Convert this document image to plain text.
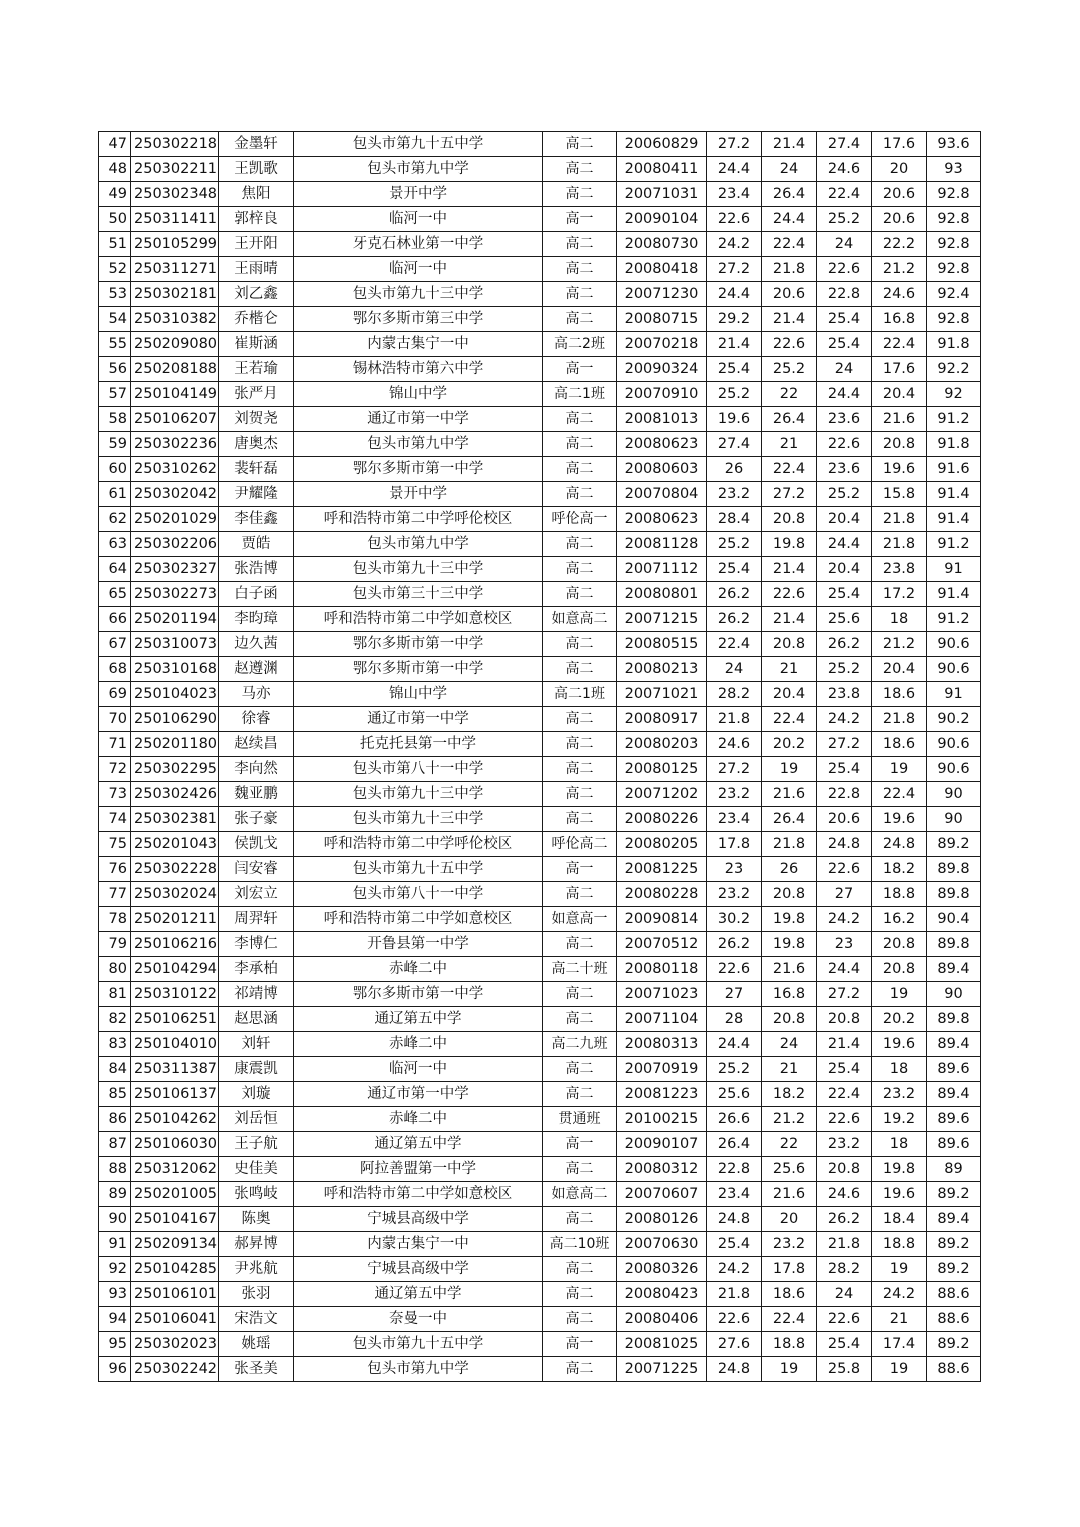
47	250302218	金墨轩	包头市第九十五中学	高二	20060829	27.2	21.4	27.4	17.6	93.6
48	250302211	王凯歌	包头市第九中学	高二	20080411	24.4	24	24.6	20	93
49	250302348	焦阳	景开中学	高二	20071031	23.4	26.4	22.4	20.6	92.8
50	250311411	郭梓良	临河一中	高一	20090104	22.6	24.4	25.2	20.6	92.8
51	250105299	王开阳	牙克石林业第一中学	高二	20080730	24.2	22.4	24	22.2	92.8
52	250311271	王雨晴	临河一中	高二	20080418	27.2	21.8	22.6	21.2	92.8
53	250302181	刘乙鑫	包头市第九十三中学	高二	20071230	24.4	20.6	22.8	24.6	92.4
54	250310382	乔楷仑	鄂尔多斯市第三中学	高二	20080715	29.2	21.4	25.4	16.8	92.8
55	250209080	崔斯涵	内蒙古集宁一中	高二2班	20070218	21.4	22.6	25.4	22.4	91.8
56	250208188	王若瑜	锡林浩特市第六中学	高一	20090324	25.4	25.2	24	17.6	92.2
57	250104149	张严月	锦山中学	高二1班	20070910	25.2	22	24.4	20.4	92
58	250106207	刘贺尧	通辽市第一中学	高二	20081013	19.6	26.4	23.6	21.6	91.2
59	250302236	唐奥杰	包头市第九中学	高二	20080623	27.4	21	22.6	20.8	91.8
60	250310262	裴轩磊	鄂尔多斯市第一中学	高二	20080603	26	22.4	23.6	19.6	91.6
61	250302042	尹耀隆	景开中学	高二	20070804	23.2	27.2	25.2	15.8	91.4
62	250201029	李佳鑫	呼和浩特市第二中学呼伦校区	呼伦高一	20080623	28.4	20.8	20.4	21.8	91.4
63	250302206	贾皓	包头市第九中学	高二	20081128	25.2	19.8	24.4	21.8	91.2
64	250302327	张浩博	包头市第九十三中学	高二	20071112	25.4	21.4	20.4	23.8	91
65	250302273	白子函	包头市第三十三中学	高二	20080801	26.2	22.6	25.4	17.2	91.4
66	250201194	李昀璋	呼和浩特市第二中学如意校区	如意高二	20071215	26.2	21.4	25.6	18	91.2
67	250310073	边久茜	鄂尔多斯市第一中学	高二	20080515	22.4	20.8	26.2	21.2	90.6
68	250310168	赵遵渊	鄂尔多斯市第一中学	高二	20080213	24	21	25.2	20.4	90.6
69	250104023	马亦	锦山中学	高二1班	20071021	28.2	20.4	23.8	18.6	91
70	250106290	徐睿	通辽市第一中学	高二	20080917	21.8	22.4	24.2	21.8	90.2
71	250201180	赵续昌	托克托县第一中学	高二	20080203	24.6	20.2	27.2	18.6	90.6
72	250302295	李向然	包头市第八十一中学	高二	20080125	27.2	19	25.4	19	90.6
73	250302426	魏亚鹏	包头市第九十三中学	高二	20071202	23.2	21.6	22.8	22.4	90
74	250302381	张子豪	包头市第九十三中学	高二	20080226	23.4	26.4	20.6	19.6	90
75	250201043	侯凯戈	呼和浩特市第二中学呼伦校区	呼伦高二	20080205	17.8	21.8	24.8	24.8	89.2
76	250302228	闫安睿	包头市第九十五中学	高一	20081225	23	26	22.6	18.2	89.8
77	250302024	刘宏立	包头市第八十一中学	高二	20080228	23.2	20.8	27	18.8	89.8
78	250201211	周羿轩	呼和浩特市第二中学如意校区	如意高一	20090814	30.2	19.8	24.2	16.2	90.4
79	250106216	李博仁	开鲁县第一中学	高二	20070512	26.2	19.8	23	20.8	89.8
80	250104294	李承柏	赤峰二中	高二十班	20080118	22.6	21.6	24.4	20.8	89.4
81	250310122	祁靖博	鄂尔多斯市第一中学	高二	20071023	27	16.8	27.2	19	90
82	250106251	赵思涵	通辽第五中学	高二	20071104	28	20.8	20.8	20.2	89.8
83	250104010	刘轩	赤峰二中	高二九班	20080313	24.4	24	21.4	19.6	89.4
84	250311387	康震凯	临河一中	高二	20070919	25.2	21	25.4	18	89.6
85	250106137	刘璇	通辽市第一中学	高二	20081223	25.6	18.2	22.4	23.2	89.4
86	250104262	刘岳恒	赤峰二中	贯通班	20100215	26.6	21.2	22.6	19.2	89.6
87	250106030	王子航	通辽第五中学	高一	20090107	26.4	22	23.2	18	89.6
88	250312062	史佳美	阿拉善盟第一中学	高二	20080312	22.8	25.6	20.8	19.8	89
89	250201005	张鸣岐	呼和浩特市第二中学如意校区	如意高二	20070607	23.4	21.6	24.6	19.6	89.2
90	250104167	陈奥	宁城县高级中学	高二	20080126	24.8	20	26.2	18.4	89.4
91	250209134	郝昇博	内蒙古集宁一中	高二10班	20070630	25.4	23.2	21.8	18.8	89.2
92	250104285	尹兆航	宁城县高级中学	高二	20080326	24.2	17.8	28.2	19	89.2
93	250106101	张羽	通辽第五中学	高二	20080423	21.8	18.6	24	24.2	88.6
94	250106041	宋浩文	奈曼一中	高二	20080406	22.6	22.4	22.6	21	88.6
95	250302023	姚瑶	包头市第九十五中学	高一	20081025	27.6	18.8	25.4	17.4	89.2
96	250302242	张圣美	包头市第九中学	高二	20071225	24.8	19	25.8	19	88.6
